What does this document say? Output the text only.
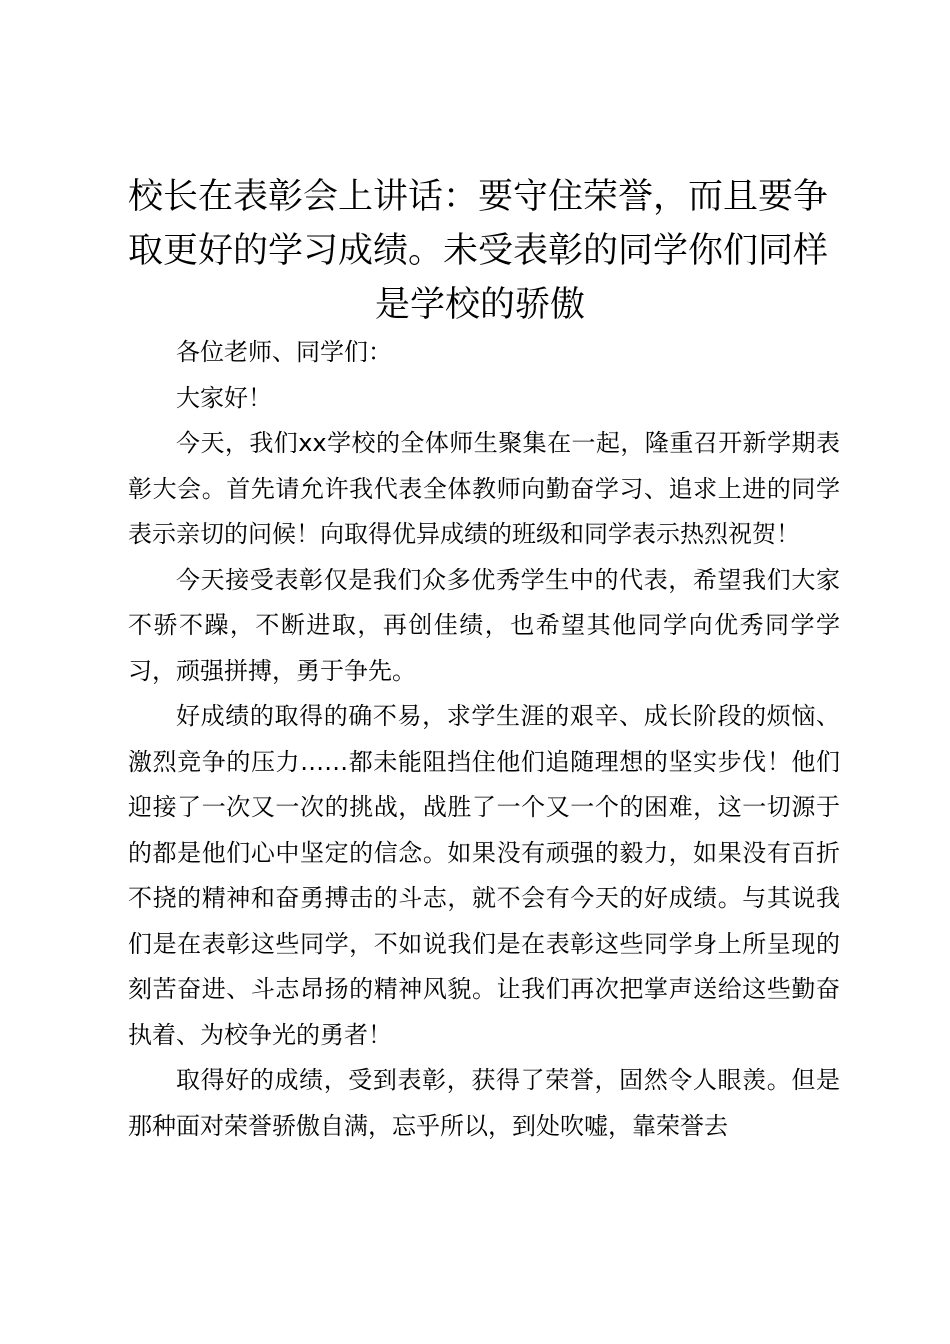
校长在表彰会上讲话：要守住荣誉，而且要争
取更好的学习成绩。未受表彰的同学你们同样
是学校的骄傲

各位老师、同学们：

大家好！

今天，我们xx学校的全体师生聚集在一起，隆重召开新学期表彰大会。首先请允许我代表全体教师向勤奋学习、追求上进的同学表示亲切的问候！向取得优异成绩的班级和同学表示热烈祝贺！

今天接受表彰仅是我们众多优秀学生中的代表，希望我们大家不骄不躁，不断进取，再创佳绩，也希望其他同学向优秀同学学习，顽强拼搏，勇于争先。

好成绩的取得的确不易，求学生涯的艰辛、成长阶段的烦恼、激烈竞争的压力……都未能阻挡住他们追随理想的坚实步伐！他们迎接了一次又一次的挑战，战胜了一个又一个的困难，这一切源于的都是他们心中坚定的信念。如果没有顽强的毅力，如果没有百折不挠的精神和奋勇搏击的斗志，就不会有今天的好成绩。与其说我们是在表彰这些同学，不如说我们是在表彰这些同学身上所呈现的刻苦奋进、斗志昂扬的精神风貌。让我们再次把掌声送给这些勤奋执着、为校争光的勇者！

取得好的成绩，受到表彰，获得了荣誉，固然令人眼羡。但是那种面对荣誉骄傲自满，忘乎所以，到处吹嘘，靠荣誉去
